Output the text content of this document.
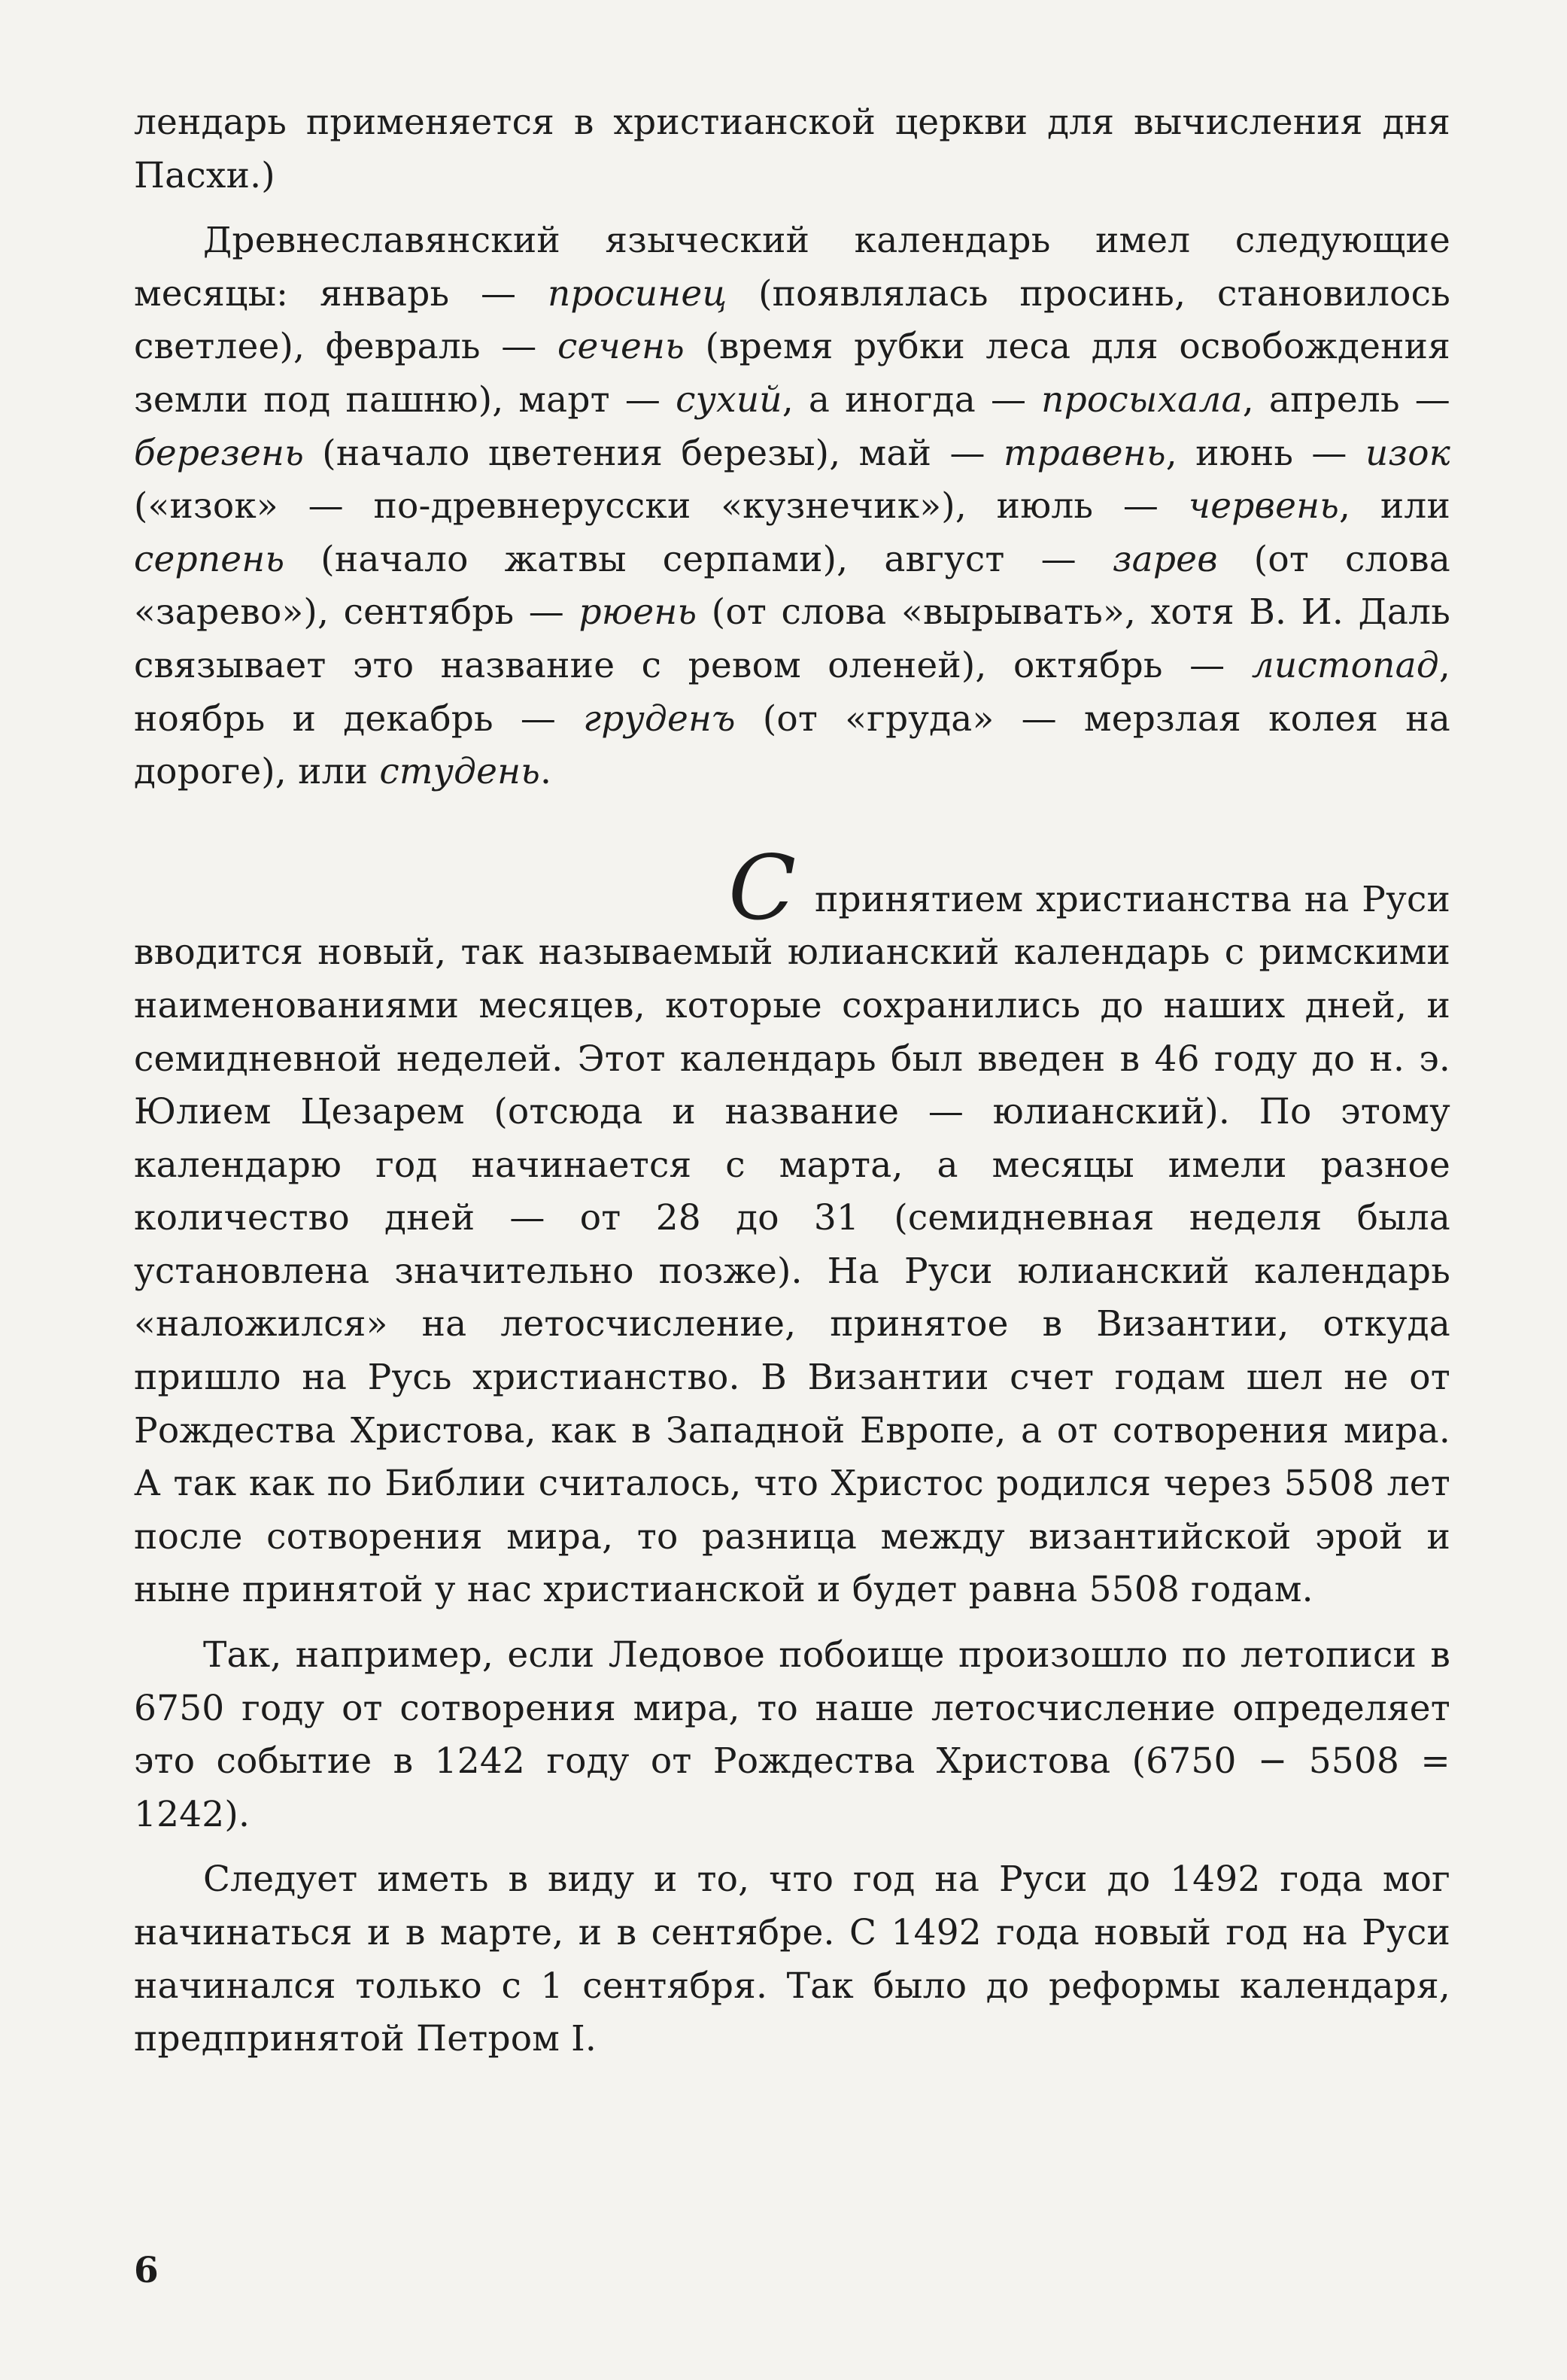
лендарь применяется в христианской церкви для вычисления дня Пасхи.)

Древнеславянский языческий календарь имел следующие месяцы: январь — просинец (появлялась просинь, становилось светлее), февраль — сечень (время рубки леса для освобождения земли под пашню), март — сухий, а иногда — просыхала, апрель — березень (начало цветения березы), май — травень, июнь — изок («изок» — по-древнерусски «кузнечик»), июль — червень, или серпень (начало жатвы серпами), август — зарев (от слова «зарево»), сентябрь — рюень (от слова «вырывать», хотя В. И. Даль связывает это название с ревом оленей), октябрь — листопад, ноябрь и декабрь — груденъ (от «груда» — мерзлая колея на дороге), или студень.

С принятием христианства на Руси вводится новый, так называемый юлианский календарь с римскими наименованиями месяцев, которые сохранились до наших дней, и семидневной неделей. Этот календарь был введен в 46 году до н. э. Юлием Цезарем (отсюда и название — юлианский). По этому календарю год начинается с марта, а месяцы имели разное количество дней — от 28 до 31 (семидневная неделя была установлена значительно позже). На Руси юлианский календарь «наложился» на летосчисление, принятое в Византии, откуда пришло на Русь христианство. В Византии счет годам шел не от Рождества Христова, как в Западной Европе, а от сотворения мира. А так как по Библии считалось, что Христос родился через 5508 лет после сотворения мира, то разница между византийской эрой и ныне принятой у нас христианской и будет равна 5508 годам.

Так, например, если Ледовое побоище произошло по летописи в 6750 году от сотворения мира, то наше летосчисление определяет это событие в 1242 году от Рождества Христова (6750 − 5508 = 1242).

Следует иметь в виду и то, что год на Руси до 1492 года мог начинаться и в марте, и в сентябре. С 1492 года новый год на Руси начинался только с 1 сентября. Так было до реформы календаря, предпринятой Петром I.

6
